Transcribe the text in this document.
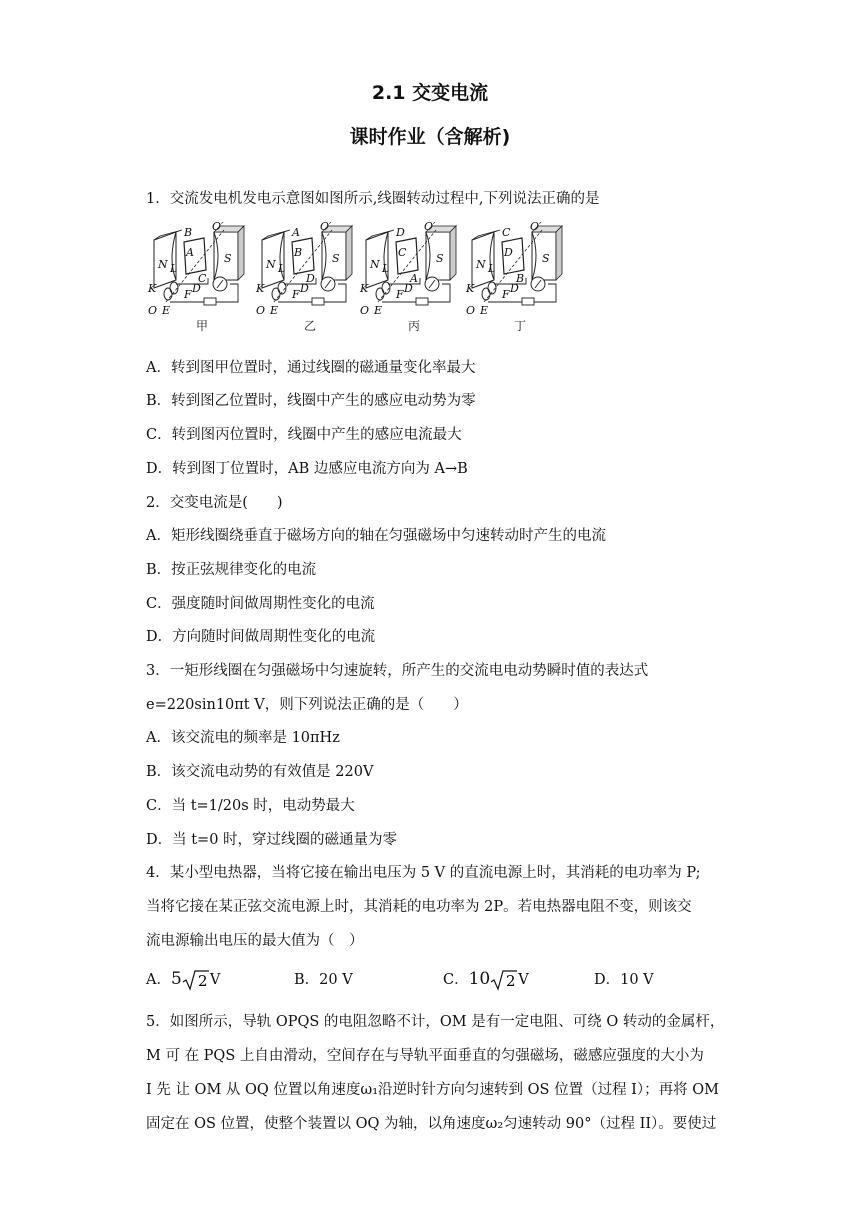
2.1 交变电流
课时作业（含解析)
1．交流发电机发电示意图如图所示,线圈转动过程中,下列说法正确的是
N	S
B
A
C
O′
L
K	F D
O E
甲
N	S
A
B
D
O′
L
K	F D
O E
乙
N	S
D
C
A
O′
L
K	F D
O E
丙
N	S
C
D
B
O′
L
K	F D
O E
丁
A．转到图甲位置时，通过线圈的磁通量变化率最大
B．转到图乙位置时，线圈中产生的感应电动势为零
C．转到图丙位置时，线圈中产生的感应电流最大
D．转到图丁位置时，AB 边感应电流方向为 A→B
2．交变电流是(　　)
A．矩形线圈绕垂直于磁场方向的轴在匀强磁场中匀速转动时产生的电流
B．按正弦规律变化的电流
C．强度随时间做周期性变化的电流
D．方向随时间做周期性变化的电流
3．一矩形线圈在匀强磁场中匀速旋转，所产生的交流电电动势瞬时值的表达式
e=220sin10πt V，则下列说法正确的是（　　）
A．该交流电的频率是 10πHz
B．该交流电动势的有效值是 220V
C．当 t=1/20s 时，电动势最大
D．当 t=0 时，穿过线圈的磁通量为零
4．某小型电热器，当将它接在输出电压为 5 V 的直流电源上时，其消耗的电功率为 P;
当将它接在某正弦交流电源上时，其消耗的电功率为 2P。若电热器电阻不变，则该交
流电源输出电压的最大值为（　）
A．5 2 V	B．20 V	C．10 2 V	D．10 V
5．如图所示，导轨 OPQS 的电阻忽略不计，OM 是有一定电阻、可绕 O 转动的金属杆，
M 可 在 PQS 上自由滑动，空间存在与导轨平面垂直的匀强磁场，磁感应强度的大小为
I 先 让 OM 从 OQ 位置以角速度ω₁沿逆时针方向匀速转到 OS 位置（过程 I）；再将 OM
固定在 OS 位置，使整个装置以 OQ 为轴，以角速度ω₂匀速转动 90°（过程 II）。要使过
